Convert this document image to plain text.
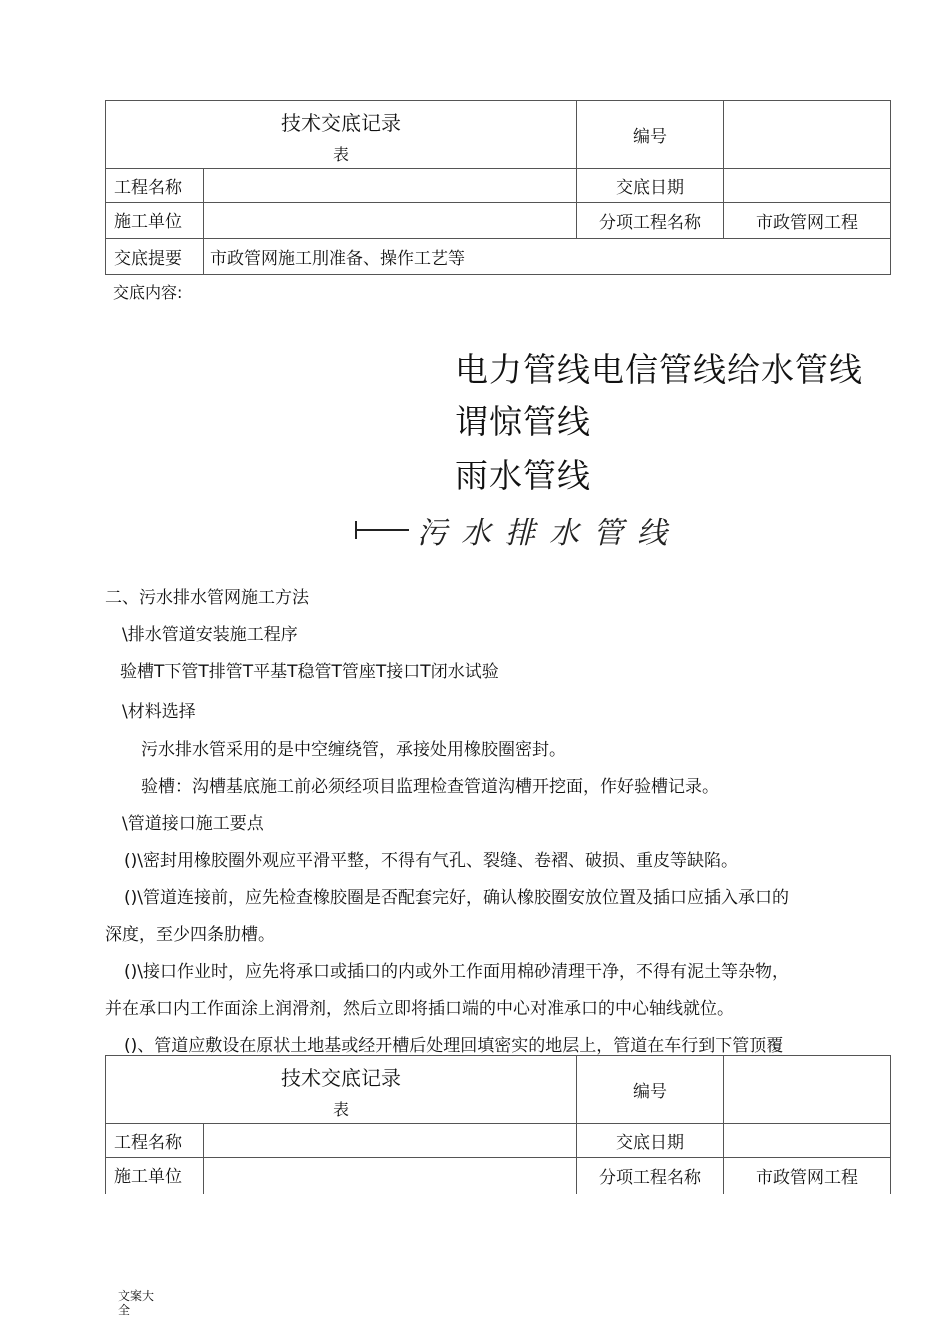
技术交底记录
表		编号	
工程名称		交底日期	
施工单位		分项工程名称	市政管网工程
交底提要	市政管网施工刖准备、操作工艺等		
交底内容:
电力管线电信管线给水管线
谓惊管线
雨水管线
污水排水管线
二、污水排水管网施工方法
\排水管道安装施工程序
验槽T下管T排管T平基T稳管T管座T接口T闭水试验
\材料选择
污水排水管采用的是中空缠绕管，承接处用橡胶圈密封。
验槽：沟槽基底施工前必须经项目监理检查管道沟槽开挖面，作好验槽记录。
\管道接口施工要点
()\密封用橡胶圈外观应平滑平整，不得有气孔、裂缝、卷褶、破损、重皮等缺陷。
()\管道连接前，应先检查橡胶圈是否配套完好，确认橡胶圈安放位置及插口应插入承口的
深度，至少四条肋槽。
()\接口作业时，应先将承口或插口的内或外工作面用棉砂清理干净，不得有泥土等杂物，
并在承口内工作面涂上润滑剂，然后立即将插口端的中心对准承口的中心轴线就位。
()、管道应敷设在原状土地基或经开槽后处理回填密实的地层上，管道在车行到下管顶覆
技术交底记录
表		编号	
工程名称		交底日期	
施工单位		分项工程名称	市政管网工程
文案大全
